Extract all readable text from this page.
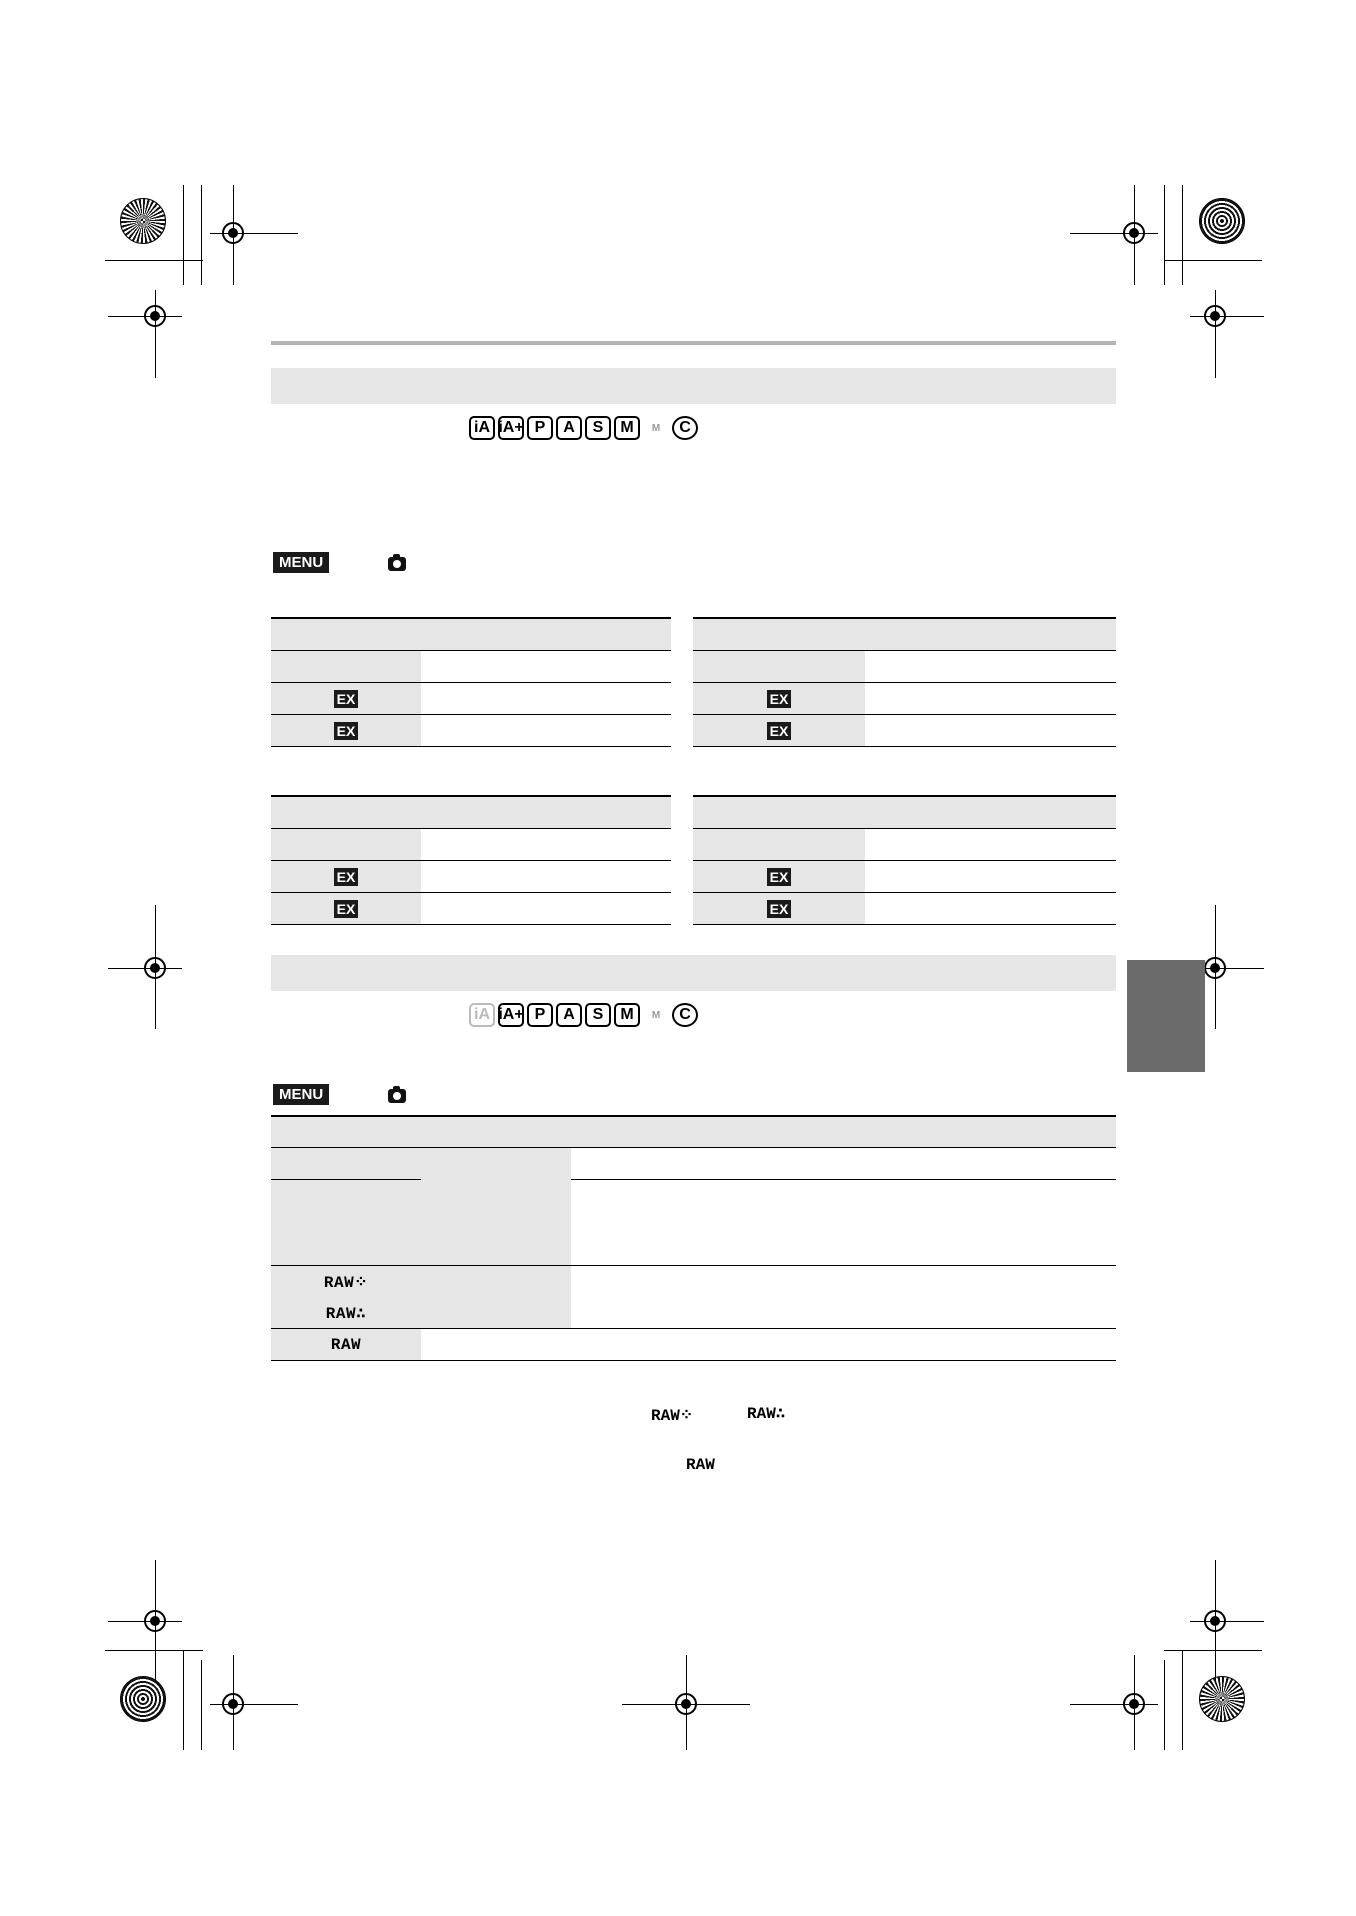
iA iA+ P	A	S	M	M	C
MENU

EX	
EX	

EX	
EX	

EX	
EX	

EX	
EX	
iA iA+ P	A	S	M	M	C
MENU

RAW⁘		
RAW∴		
RAW		
RAW⁘	RAW∴
RAW
